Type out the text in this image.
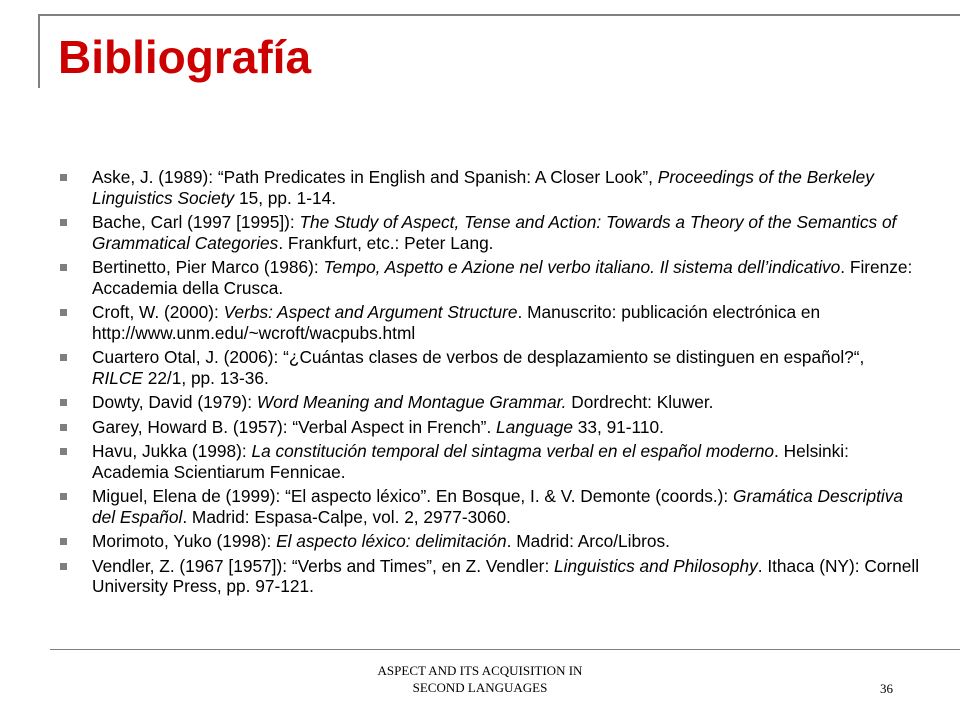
Bibliografía
Aske, J. (1989): “Path Predicates in English and Spanish: A Closer Look”, Proceedings of the Berkeley Linguistics Society 15, pp. 1-14.
Bache, Carl (1997 [1995]): The Study of Aspect, Tense and Action: Towards a Theory of the Semantics of Grammatical Categories. Frankfurt, etc.: Peter Lang.
Bertinetto, Pier Marco (1986): Tempo, Aspetto e Azione nel verbo italiano. Il sistema dell’indicativo. Firenze: Accademia della Crusca.
Croft, W. (2000): Verbs: Aspect and Argument Structure. Manuscrito: publicación electrónica en http://www.unm.edu/~wcroft/wacpubs.html
Cuartero Otal, J. (2006): “¿Cuántas clases de verbos de desplazamiento se distinguen en español?“, RILCE 22/1, pp. 13-36.
Dowty, David (1979): Word Meaning and Montague Grammar. Dordrecht: Kluwer.
Garey, Howard B. (1957): “Verbal Aspect in French”. Language 33, 91-110.
Havu, Jukka (1998): La constitución temporal del sintagma verbal en el español moderno. Helsinki: Academia Scientiarum Fennicae.
Miguel, Elena de (1999): “El aspecto léxico”. En Bosque, I. & V. Demonte (coords.): Gramática Descriptiva del Español. Madrid: Espasa-Calpe, vol. 2, 2977-3060.
Morimoto, Yuko (1998): El aspecto léxico: delimitación. Madrid: Arco/Libros.
Vendler, Z. (1967 [1957]): “Verbs and Times”, en Z. Vendler: Linguistics and Philosophy. Ithaca (NY): Cornell University Press, pp. 97-121.
ASPECT AND ITS ACQUISITION IN
SECOND LANGUAGES	36
